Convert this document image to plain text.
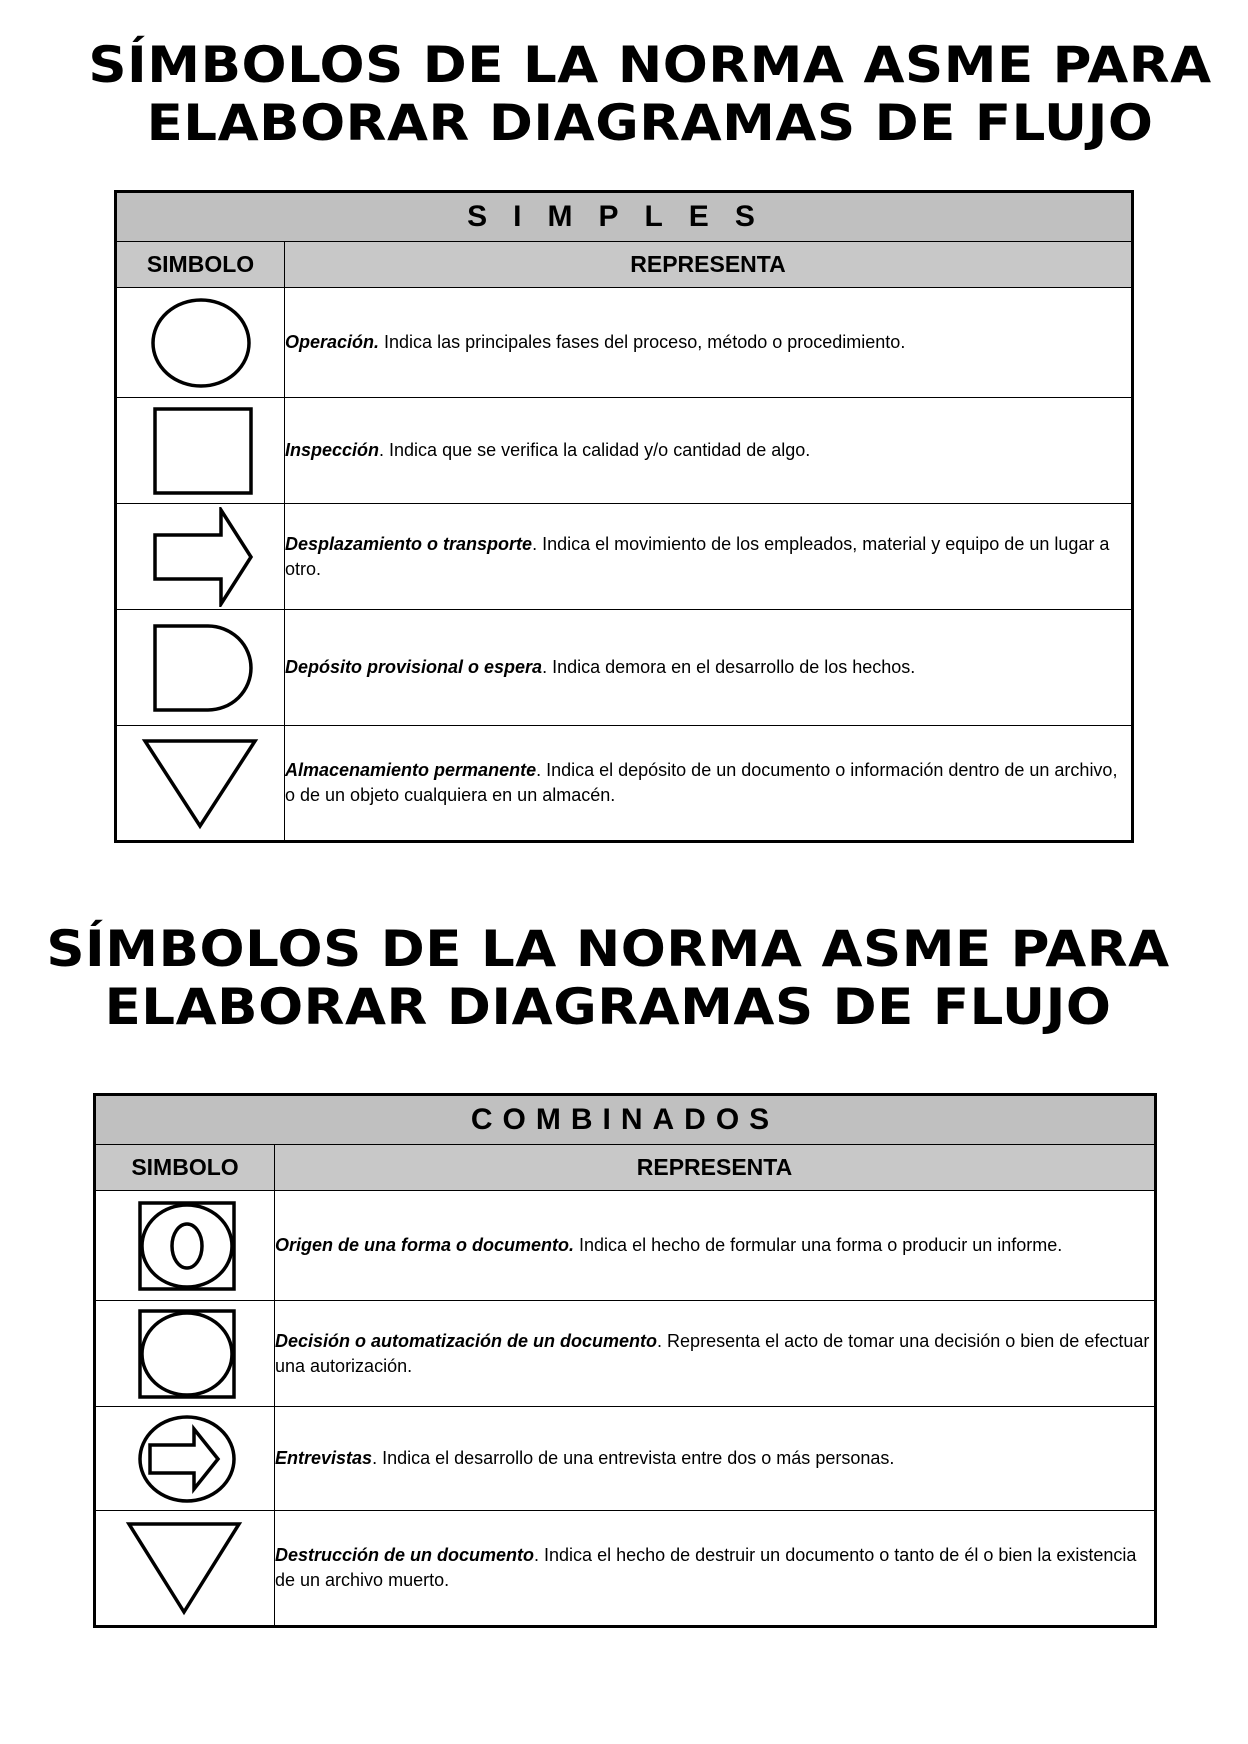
SÍMBOLOS DE LA NORMA ASME PARA
ELABORAR DIAGRAMAS DE FLUJO
SIMPLES	
SIMBOLO	REPRESENTA

	Operación. Indica las principales fases del proceso, método o procedimiento.

	Inspección. Indica que se verifica la calidad y/o cantidad de algo.

	Desplazamiento o transporte. Indica el movimiento de los empleados, material y equipo de un lugar a otro.

	Depósito provisional o espera. Indica demora en el desarrollo de los hechos.

	Almacenamiento permanente. Indica el depósito de un documento o información dentro de un archivo, o de un objeto cualquiera en un almacén.
SÍMBOLOS DE LA NORMA ASME PARA
ELABORAR DIAGRAMAS DE FLUJO
COMBINADOS	
SIMBOLO	REPRESENTA

	Origen de una forma o documento. Indica el hecho de formular una forma o producir un informe.

	Decisión o automatización de un documento. Representa el acto de tomar una decisión o bien de efectuar una autorización.

	Entrevistas. Indica el desarrollo de una entrevista entre dos o más personas.

	Destrucción de un documento. Indica el hecho de destruir un documento o tanto de él o bien la existencia de un archivo muerto.
